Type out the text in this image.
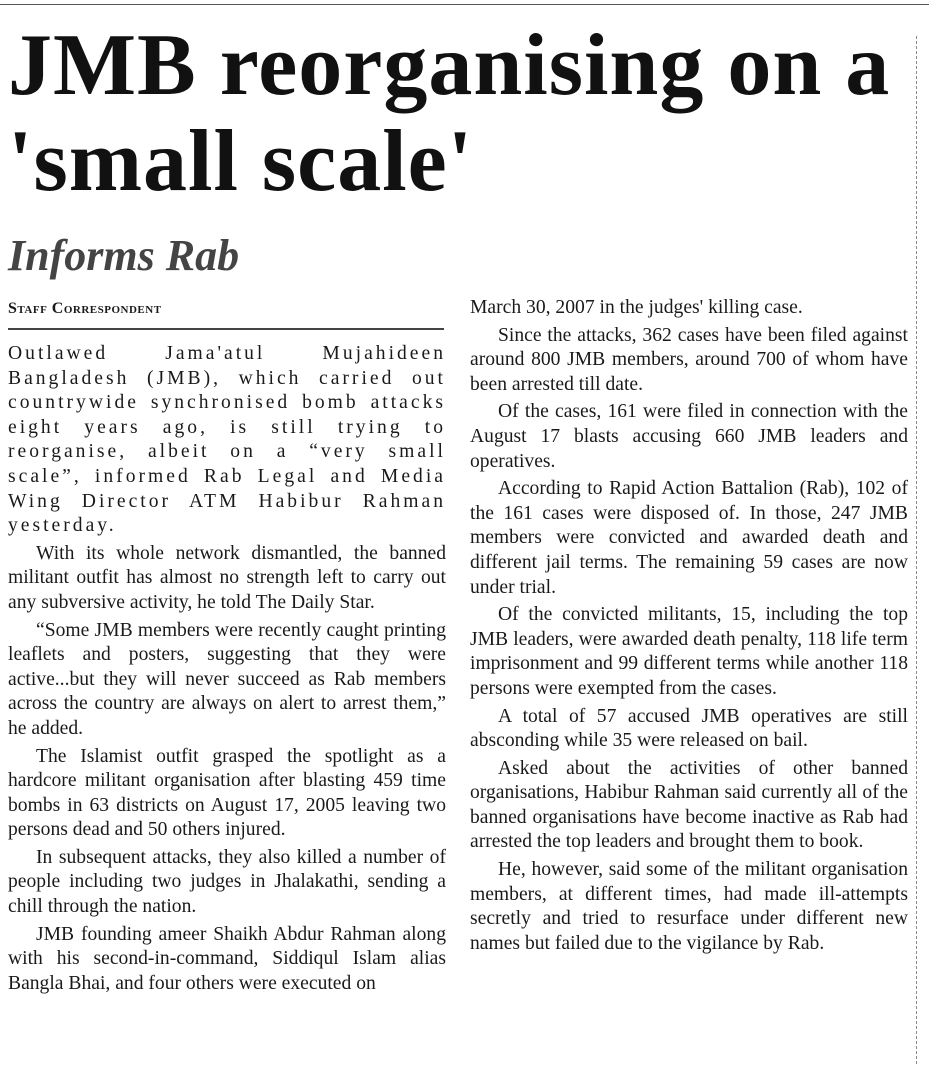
JMB reorganising on a 'small scale'
Informs Rab
Staff Correspondent

Outlawed Jama'atul Mujahideen Bangladesh (JMB), which carried out countrywide synchronised bomb attacks eight years ago, is still trying to reorganise, albeit on a “very small scale”, informed Rab Legal and Media Wing Director ATM Habibur Rahman yesterday.

With its whole network dismantled, the banned militant outfit has almost no strength left to carry out any subversive activity, he told The Daily Star.

“Some JMB members were recently caught printing leaflets and posters, suggesting that they were active...but they will never succeed as Rab members across the country are always on alert to arrest them,” he added.

The Islamist outfit grasped the spotlight as a hardcore militant organisation after blasting 459 time bombs in 63 districts on August 17, 2005 leaving two persons dead and 50 others injured.

In subsequent attacks, they also killed a number of people including two judges in Jhalakathi, sending a chill through the nation.

JMB founding ameer Shaikh Abdur Rahman along with his second-in-command, Siddiqul Islam alias Bangla Bhai, and four others were executed on

March 30, 2007 in the judges' killing case.

Since the attacks, 362 cases have been filed against around 800 JMB members, around 700 of whom have been arrested till date.

Of the cases, 161 were filed in connection with the August 17 blasts accusing 660 JMB leaders and operatives.

According to Rapid Action Battalion (Rab), 102 of the 161 cases were disposed of. In those, 247 JMB members were convicted and awarded death and different jail terms. The remaining 59 cases are now under trial.

Of the convicted militants, 15, including the top JMB leaders, were awarded death penalty, 118 life term imprisonment and 99 different terms while another 118 persons were exempted from the cases.

A total of 57 accused JMB operatives are still absconding while 35 were released on bail.

Asked about the activities of other banned organisations, Habibur Rahman said currently all of the banned organisations have become inactive as Rab had arrested the top leaders and brought them to book.

He, however, said some of the militant organisation members, at different times, had made ill-attempts secretly and tried to resurface under different new names but failed due to the vigilance by Rab.
